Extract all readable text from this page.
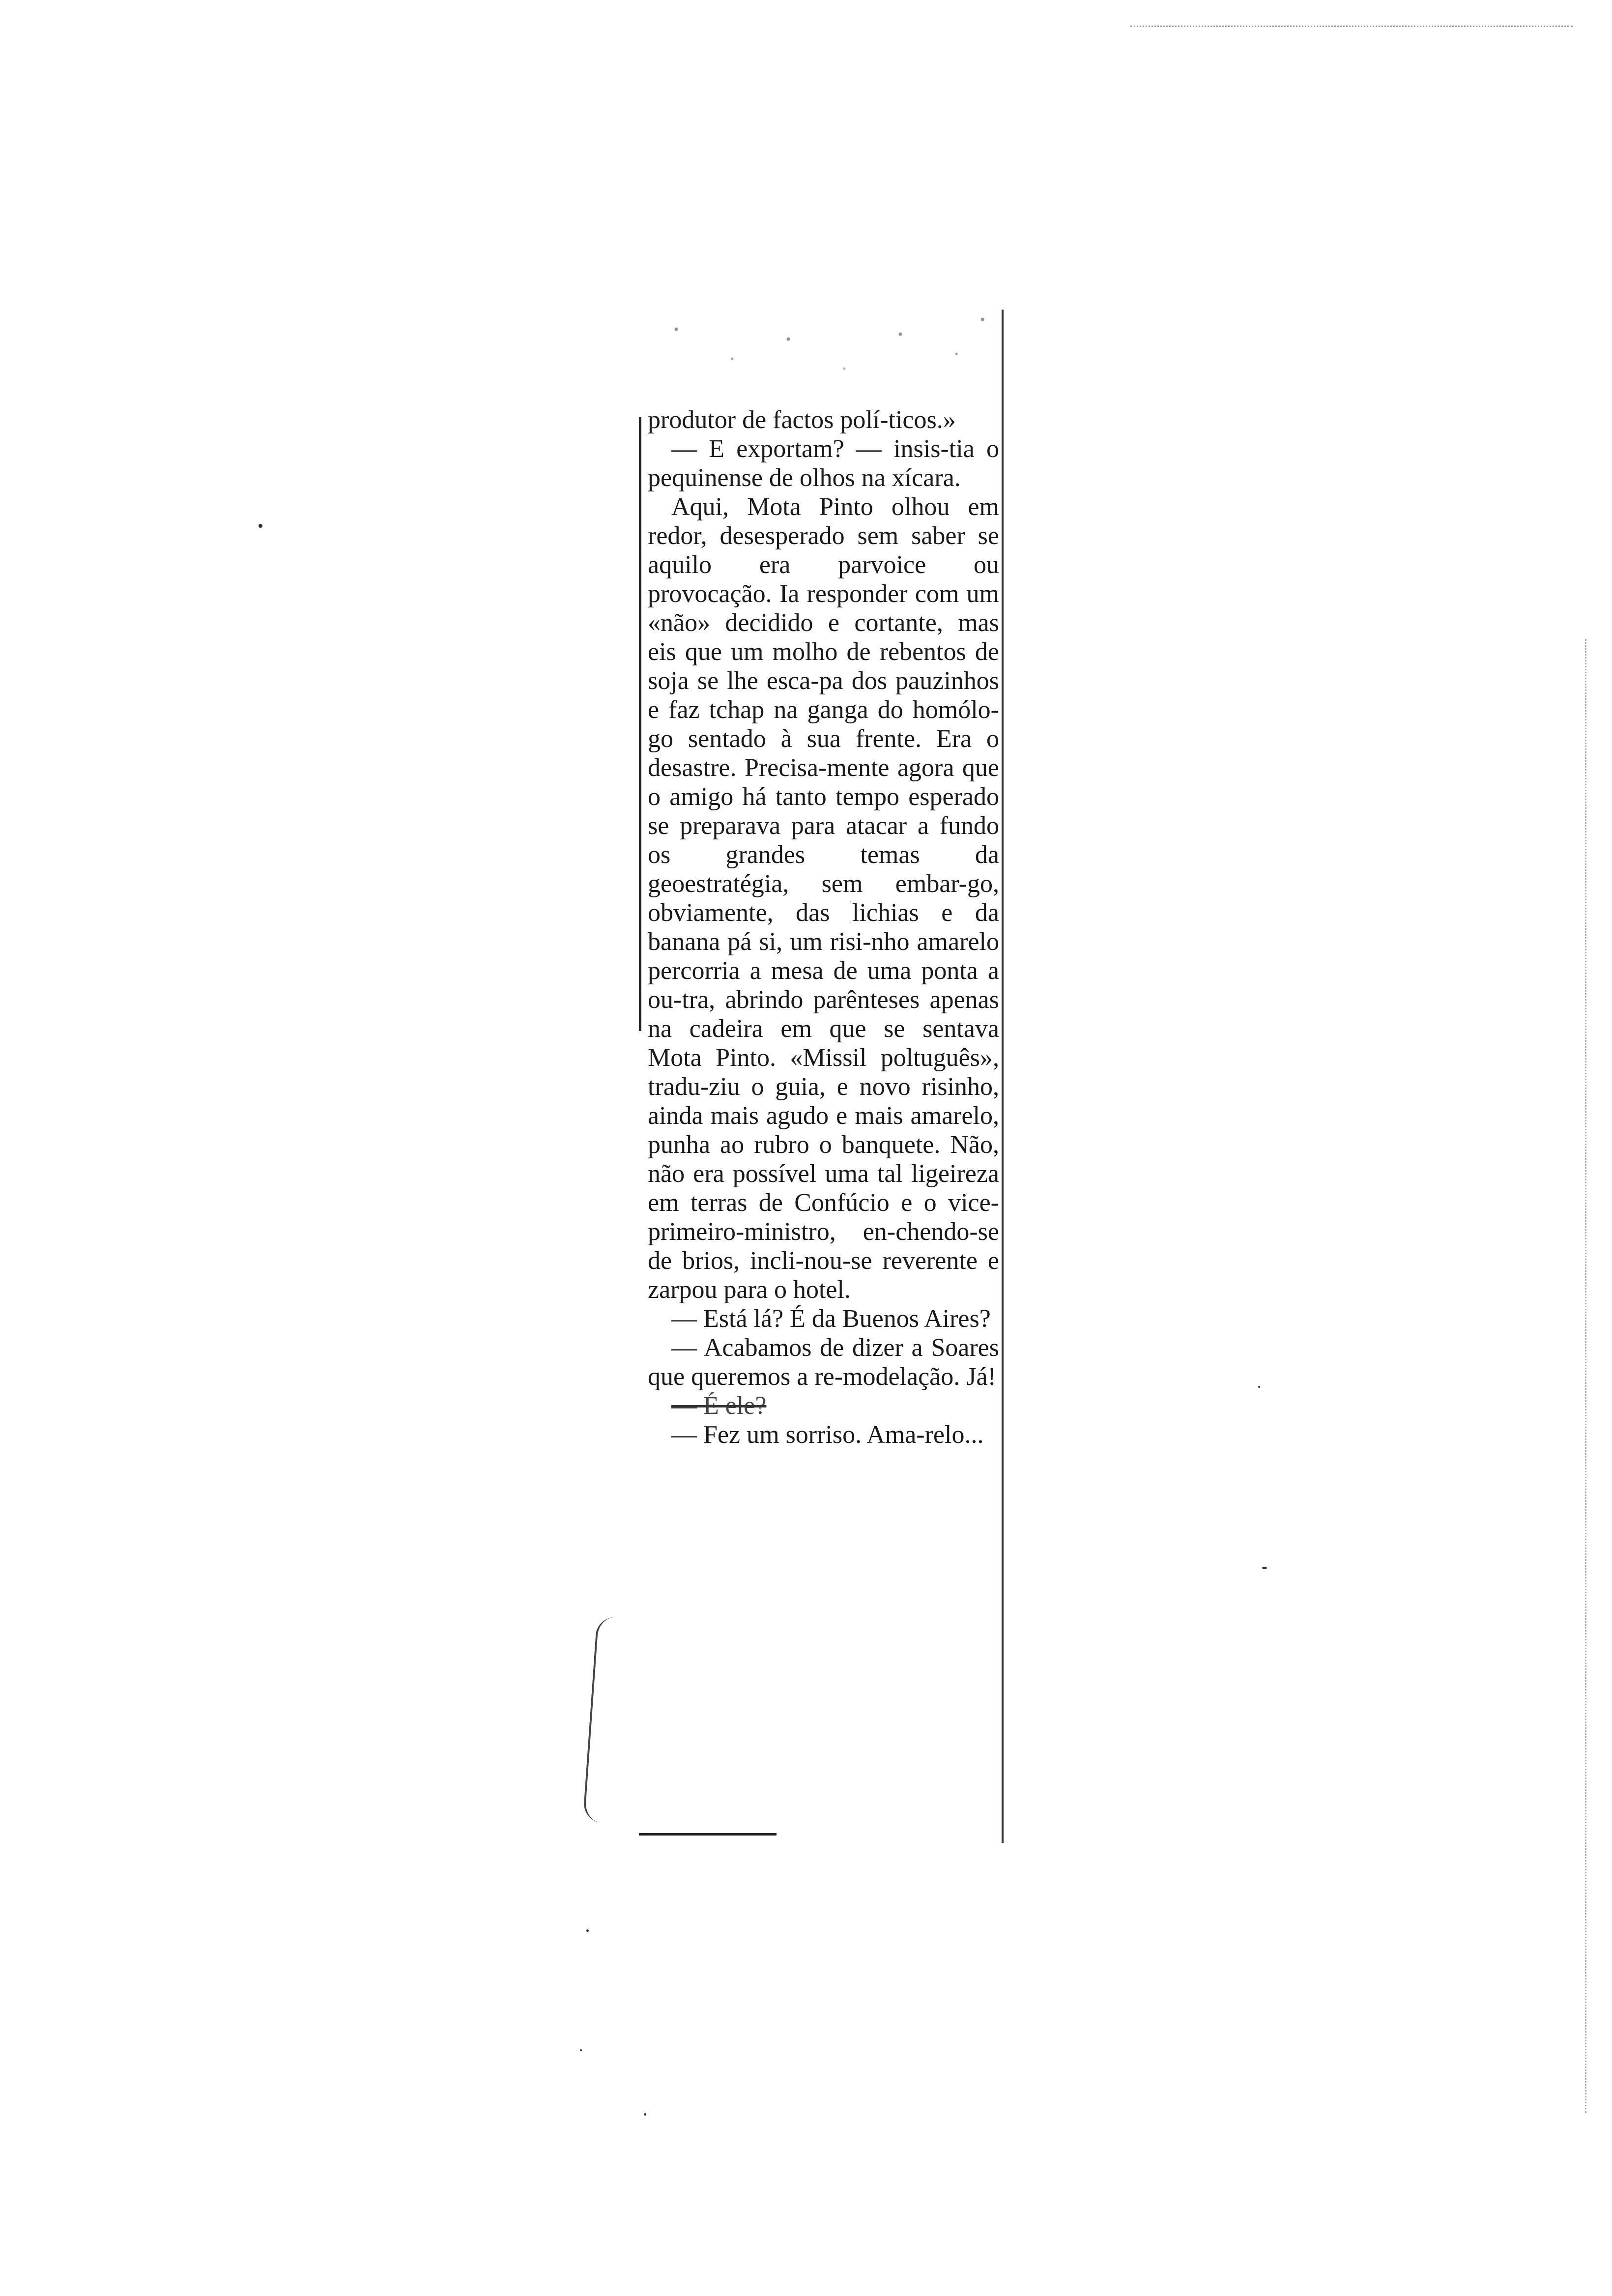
produtor de factos polí-ticos.»

— E exportam? — insis-tia o pequinense de olhos na xícara.

Aqui, Mota Pinto olhou em redor, desesperado sem saber se aquilo era parvoice ou provocação. Ia responder com um «não» decidido e cortante, mas eis que um molho de rebentos de soja se lhe esca-pa dos pauzinhos e faz tchap na ganga do homólo-go sentado à sua frente. Era o desastre. Precisa-mente agora que o amigo há tanto tempo esperado se preparava para atacar a fundo os grandes temas da geoestratégia, sem embar-go, obviamente, das lichias e da banana pá si, um risi-nho amarelo percorria a mesa de uma ponta a ou-tra, abrindo parênteses apenas na cadeira em que se sentava Mota Pinto. «Missil poltuguês», tradu-ziu o guia, e novo risinho, ainda mais agudo e mais amarelo, punha ao rubro o banquete. Não, não era possível uma tal ligeireza em terras de Confúcio e o vice-primeiro-ministro, en-chendo-se de brios, incli-nou-se reverente e zarpou para o hotel.

— Está lá? É da Buenos Aires?

— Acabamos de dizer a Soares que queremos a re-modelação. Já!

— É ele?

— Fez um sorriso. Ama-relo...
